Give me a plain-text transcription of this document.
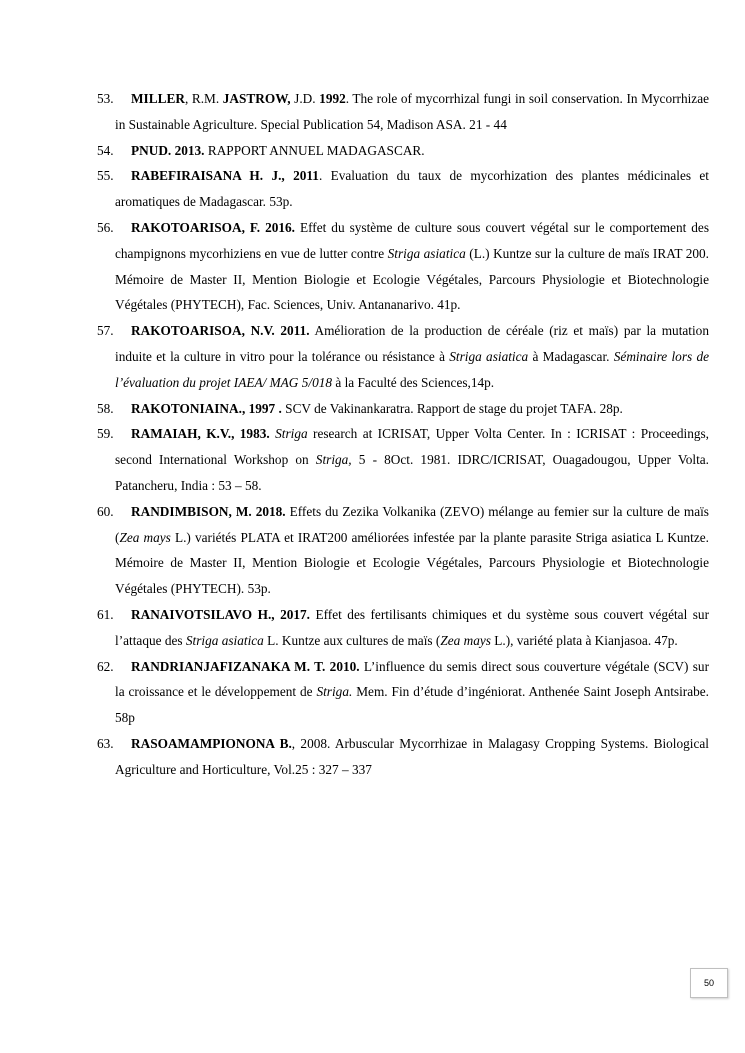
53. MILLER, R.M. JASTROW, J.D. 1992. The role of mycorrhizal fungi in soil conservation. In Mycorrhizae in Sustainable Agriculture. Special Publication 54, Madison ASA. 21 - 44

54. PNUD. 2013. RAPPORT ANNUEL MADAGASCAR.

55. RABEFIRAISANA H. J., 2011. Evaluation du taux de mycorhization des plantes médicinales et aromatiques de Madagascar. 53p.

56. RAKOTOARISOA, F. 2016. Effet du système de culture sous couvert végétal sur le comportement des champignons mycorhiziens en vue de lutter contre Striga asiatica (L.) Kuntze sur la culture de maïs IRAT 200. Mémoire de Master II, Mention Biologie et Ecologie Végétales, Parcours Physiologie et Biotechnologie Végétales (PHYTECH), Fac. Sciences, Univ. Antananarivo. 41p.

57. RAKOTOARISOA, N.V. 2011. Amélioration de la production de céréale (riz et maïs) par la mutation induite et la culture in vitro pour la tolérance ou résistance à Striga asiatica à Madagascar. Séminaire lors de l’évaluation du projet IAEA/ MAG 5/018 à la Faculté des Sciences,14p.

58. RAKOTONIAINA., 1997 . SCV de Vakinankaratra. Rapport de stage du projet TAFA. 28p.

59. RAMAIAH, K.V., 1983. Striga research at ICRISAT, Upper Volta Center. In : ICRISAT : Proceedings, second International Workshop on Striga, 5 - 8Oct. 1981. IDRC/ICRISAT, Ouagadougou, Upper Volta. Patancheru, India : 53 – 58.

60. RANDIMBISON, M. 2018. Effets du Zezika Volkanika (ZEVO) mélange au femier sur la culture de maïs (Zea mays L.) variétés PLATA et IRAT200 améliorées infestée par la plante parasite Striga asiatica L Kuntze. Mémoire de Master II, Mention Biologie et Ecologie Végétales, Parcours Physiologie et Biotechnologie Végétales (PHYTECH). 53p.

61. RANAIVOTSILAVO H., 2017. Effet des fertilisants chimiques et du système sous couvert végétal sur l’attaque des Striga asiatica L. Kuntze aux cultures de maïs (Zea mays L.), variété plata à Kianjasoa. 47p.

62. RANDRIANJAFIZANAKA M. T. 2010. L’influence du semis direct sous couverture végétale (SCV) sur la croissance et le développement de Striga. Mem. Fin d’étude d’ingéniorat. Anthenée Saint Joseph Antsirabe. 58p

63. RASOAMAMPIONONA B., 2008. Arbuscular Mycorrhizae in Malagasy Cropping Systems. Biological Agriculture and Horticulture, Vol.25 : 327 – 337

50
